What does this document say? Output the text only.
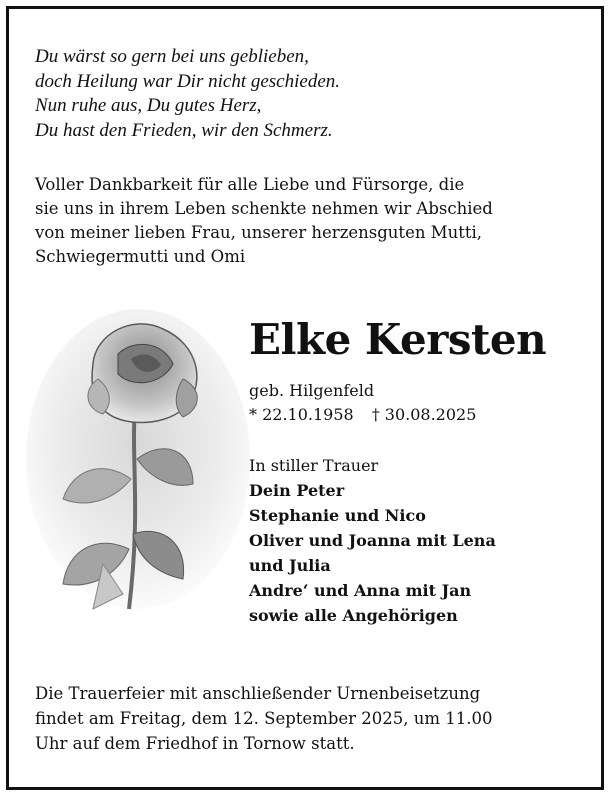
Du wärst so gern bei uns geblieben,
doch Heilung war Dir nicht geschieden.
Nun ruhe aus, Du gutes Herz,
Du hast den Frieden, wir den Schmerz.
Voller Dankbarkeit für alle Liebe und Fürsorge, die
sie uns in ihrem Leben schenkte nehmen wir Abschied
von meiner lieben Frau, unserer herzensguten Mutti,
Schwiegermutti und Omi
Elke Kersten
geb. Hilgenfeld
* 22.10.1958 † 30.08.2025
In stiller Trauer
Dein Peter
Stephanie und Nico
Oliver und Joanna mit Lena
und Julia
Andre‘ und Anna mit Jan
sowie alle Angehörigen
Die Trauerfeier mit anschließender Urnenbeisetzung
findet am Freitag, dem 12. September 2025, um 11.00
Uhr auf dem Friedhof in Tornow statt.
